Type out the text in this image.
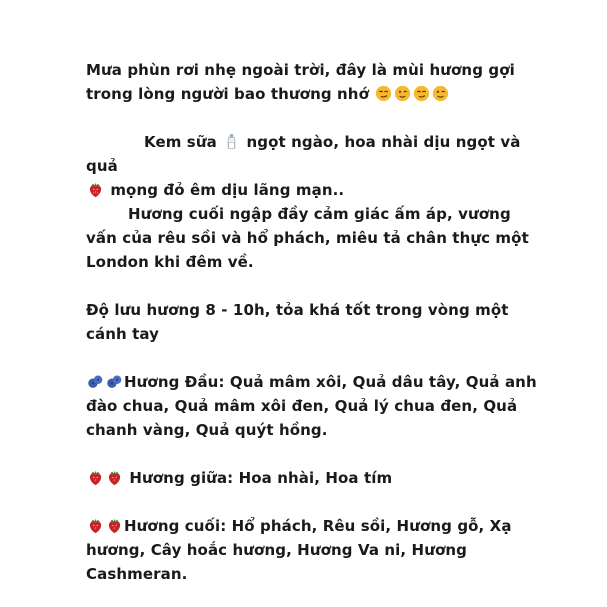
Mưa phùn rơi nhẹ ngoài trời, đây là mùi hương gợi trong lòng người bao thương nhớ

Kem sữa ngọt ngào, hoa nhài dịu ngọt và quả

mọng đỏ êm dịu lãng mạn..
Hương cuối ngập đầy cảm giác ấm áp, vương vấn của rêu sồi và hổ phách, miêu tả chân thực một London khi đêm về.

Độ lưu hương 8 - 10h, tỏa khá tốt trong vòng một cánh tay

Hương Đầu: Quả mâm xôi, Quả dâu tây, Quả anh đào chua, Quả mâm xôi đen, Quả lý chua đen, Quả chanh vàng, Quả quýt hồng.

Hương giữa: Hoa nhài, Hoa tím

Hương cuối: Hổ phách, Rêu sồi, Hương gỗ, Xạ hương, Cây hoắc hương, Hương Va ni, Hương Cashmeran.
